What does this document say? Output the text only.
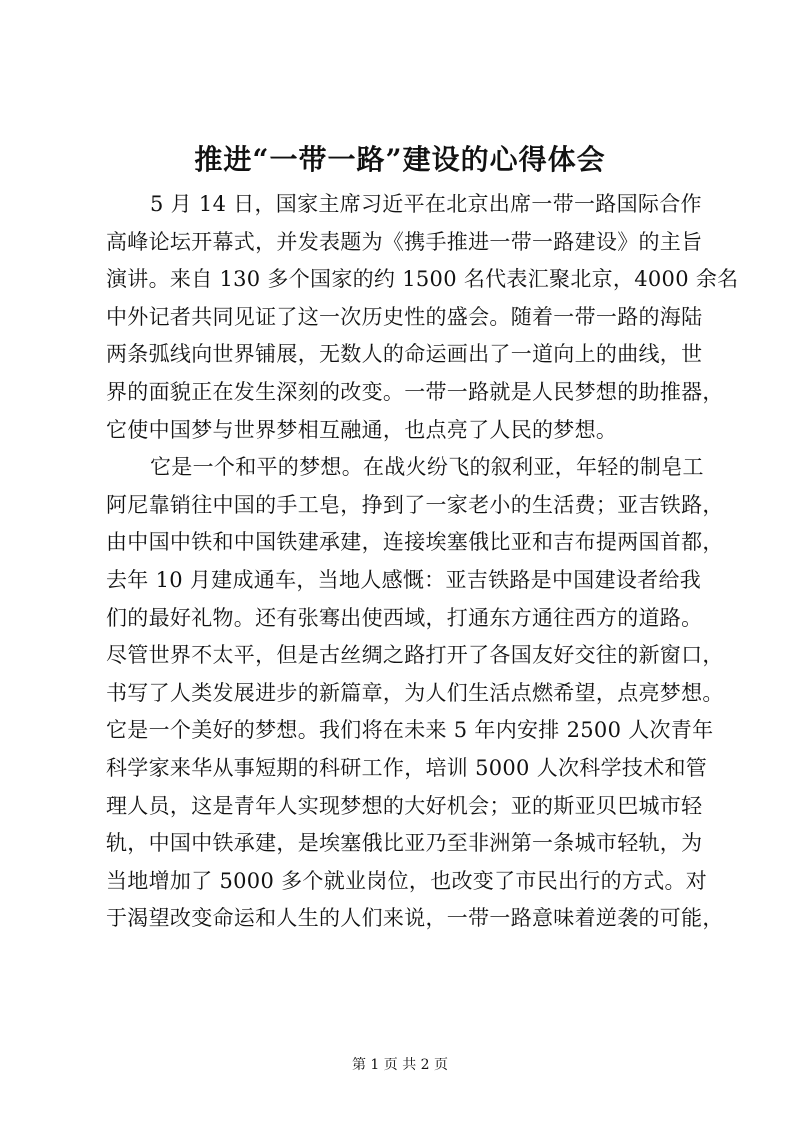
推进“一带一路”建设的心得体会
5 月 14 日，国家主席习近平在北京出席一带一路国际合作
高峰论坛开幕式，并发表题为《携手推进一带一路建设》的主旨
演讲。来自 130 多个国家的约 1500 名代表汇聚北京，4000 余名
中外记者共同见证了这一次历史性的盛会。随着一带一路的海陆
两条弧线向世界铺展，无数人的命运画出了一道向上的曲线，世
界的面貌正在发生深刻的改变。一带一路就是人民梦想的助推器，
它使中国梦与世界梦相互融通，也点亮了人民的梦想。
它是一个和平的梦想。在战火纷飞的叙利亚，年轻的制皂工
阿尼靠销往中国的手工皂，挣到了一家老小的生活费；亚吉铁路，
由中国中铁和中国铁建承建，连接埃塞俄比亚和吉布提两国首都，
去年 10 月建成通车，当地人感慨：亚吉铁路是中国建设者给我
们的最好礼物。还有张骞出使西域，打通东方通往西方的道路。
尽管世界不太平，但是古丝绸之路打开了各国友好交往的新窗口，
书写了人类发展进步的新篇章，为人们生活点燃希望，点亮梦想。
它是一个美好的梦想。我们将在未来 5 年内安排 2500 人次青年
科学家来华从事短期的科研工作，培训 5000 人次科学技术和管
理人员，这是青年人实现梦想的大好机会；亚的斯亚贝巴城市轻
轨，中国中铁承建，是埃塞俄比亚乃至非洲第一条城市轻轨，为
当地增加了 5000 多个就业岗位，也改变了市民出行的方式。对
于渴望改变命运和人生的人们来说，一带一路意味着逆袭的可能，
第 1 页 共 2 页
